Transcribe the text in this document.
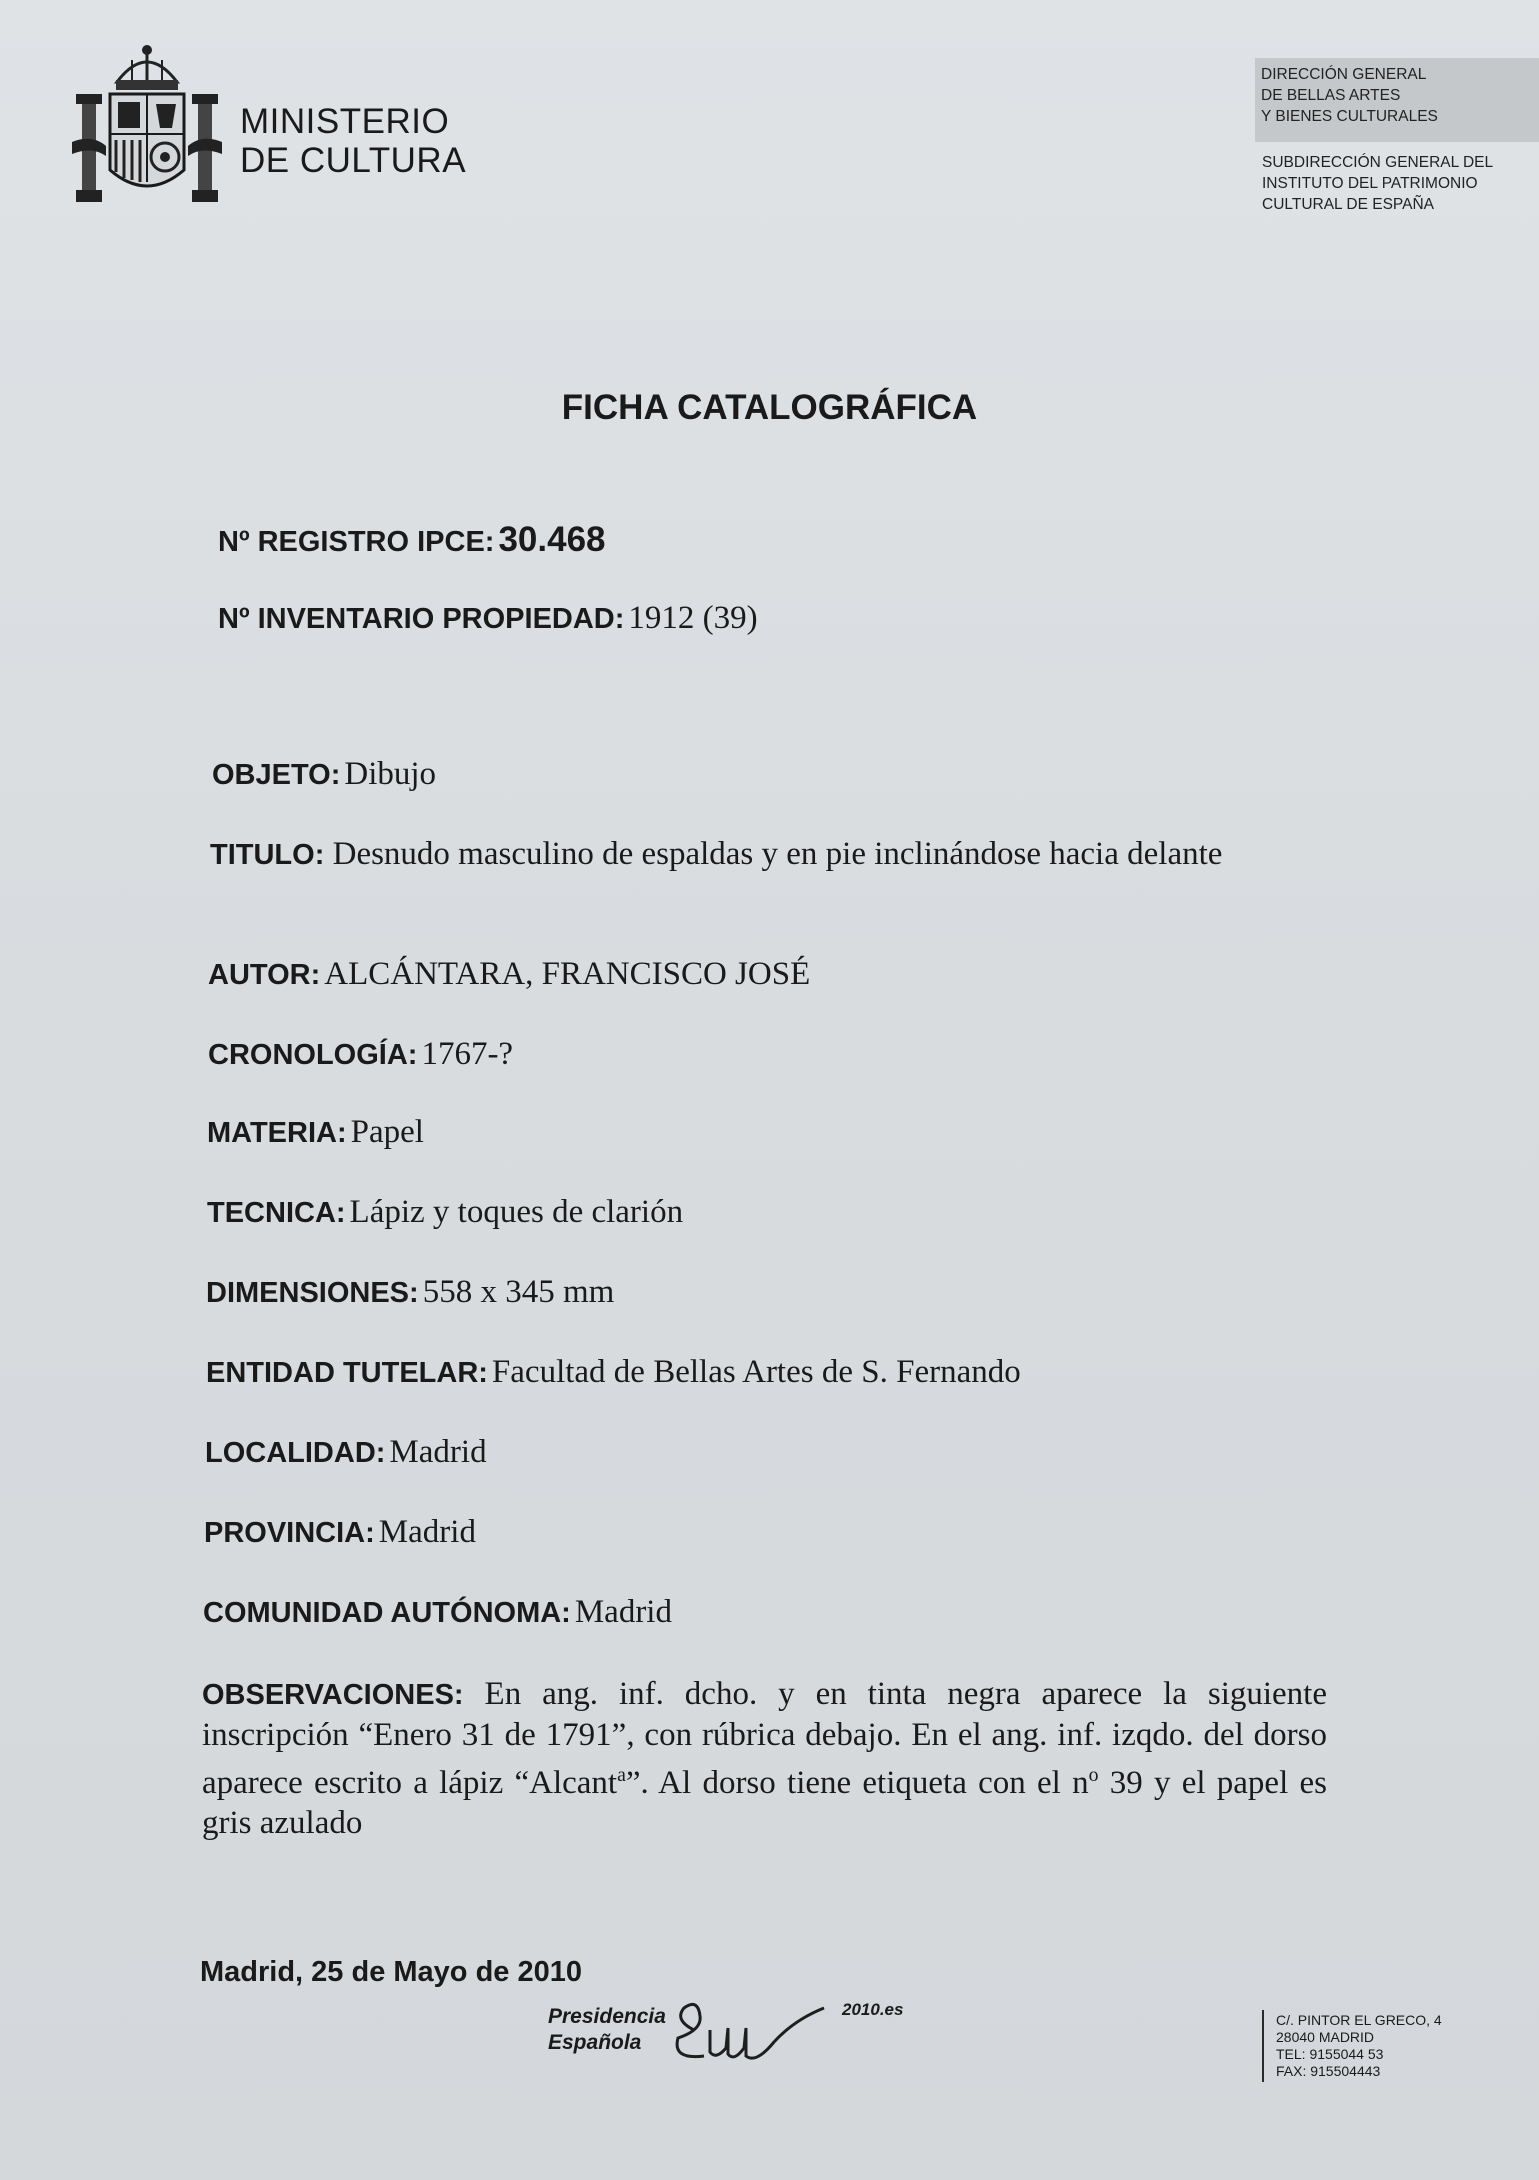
MINISTERIO
DE CULTURA
DIRECCIÓN GENERAL
DE BELLAS ARTES
Y BIENES CULTURALES
SUBDIRECCIÓN GENERAL DEL
INSTITUTO DEL PATRIMONIO
CULTURAL DE ESPAÑA
FICHA CATALOGRÁFICA
Nº REGISTRO IPCE: 30.468
Nº INVENTARIO PROPIEDAD: 1912 (39)
OBJETO: Dibujo
TITULO: Desnudo masculino de espaldas y en pie inclinándose hacia delante
AUTOR: ALCÁNTARA, FRANCISCO JOSÉ
CRONOLOGÍA: 1767-?
MATERIA: Papel
TECNICA: Lápiz y toques de clarión
DIMENSIONES: 558 x 345 mm
ENTIDAD TUTELAR: Facultad de Bellas Artes de S. Fernando
LOCALIDAD: Madrid
PROVINCIA: Madrid
COMUNIDAD AUTÓNOMA: Madrid
OBSERVACIONES: En ang. inf. dcho. y en tinta negra aparece la siguiente inscripción “Enero 31 de 1791”, con rúbrica debajo. En el ang. inf. izqdo. del dorso aparece escrito a lápiz “Alcant$^a$”. Al dorso tiene etiqueta con el $n^o$ 39 y el papel es gris azulado
Madrid, 25 de Mayo de 2010
Presidencia
Española
2010.es
C/. PINTOR EL GRECO, 4
28040 MADRID
TEL: 9155044 53
FAX: 915504443
